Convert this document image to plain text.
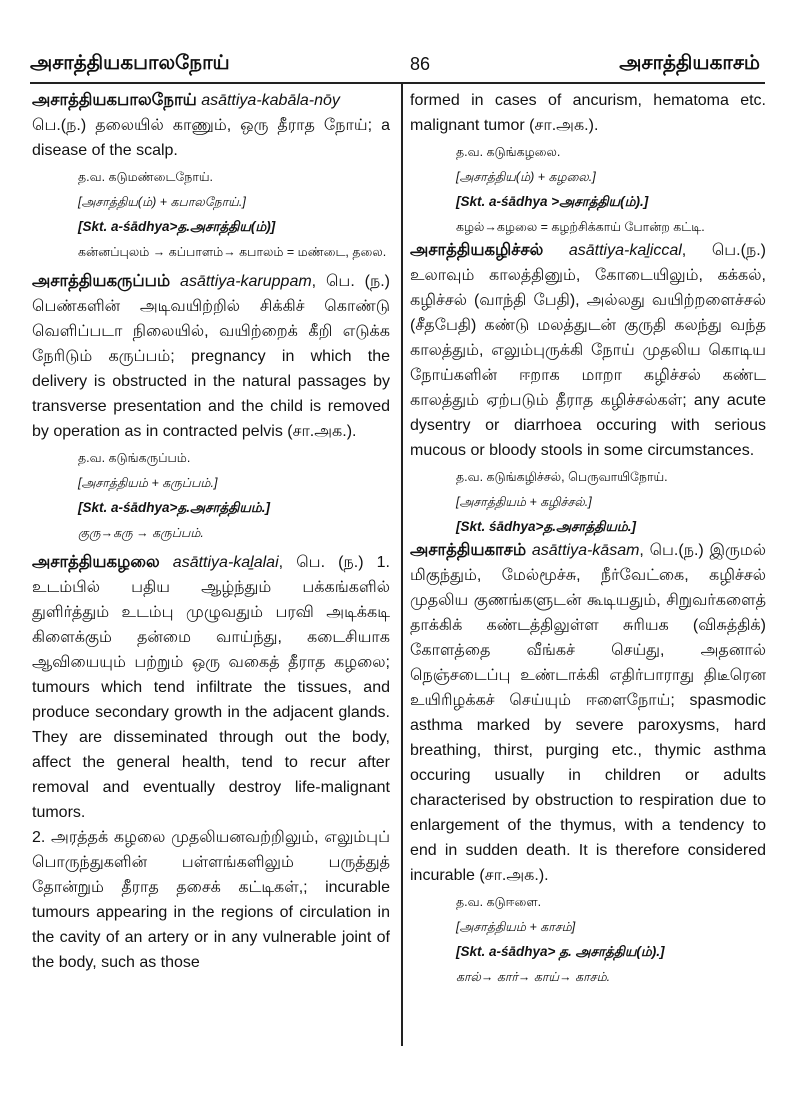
அசாத்தியகபாலநோய்	86	அசாத்தியகாசம்

அசாத்தியகபாலநோய் asāttiya-kabāla-nōy
பெ.(ந.) தலையில் காணும், ஒரு தீராத நோய்; a disease of the scalp.

த.வ. கடுமண்டைநோய்.
[அசாத்திய(ம்) + கபாலநோய்.]
[Skt. a-śādhya>த.அசாத்திய(ம்)]
கன்னப்புலம் → கப்பாளம்→ கபாலம் = மண்டை, தலை.

அசாத்தியகருப்பம் asāttiya-karuppam, பெ. (ந.) பெண்களின் அடிவயிற்றில் சிக்கிச் கொண்டு வெளிப்படா நிலையில், வயிற்றைக் கீறி எடுக்க நேரிடும் கருப்பம்; pregnancy in which the delivery is obstructed in the natural passages by transverse presentation and the child is removed by operation as in contracted pelvis (சா.அக.).

த.வ. கடுங்கருப்பம்.
[அசாத்தியம் + கருப்பம்.]
[Skt. a-śādhya>த.அசாத்தியம்.]
குரு→கரு → கருப்பம்.

அசாத்தியகழலை asāttiya-kaḻalai, பெ. (ந.) 1. உடம்பில் பதிய ஆழ்ந்தும் பக்கங்களில் துளிர்த்தும் உடம்பு முழுவதும் பரவி அடிக்கடி கிளைக்கும் தன்மை வாய்ந்து, கடைசியாக ஆவியையும் பற்றும் ஒரு வகைத் தீராத கழலை; tumours which tend infiltrate the tissues, and produce secondary growth in the adjacent glands. They are disseminated through out the body, affect the general health, tend to recur after removal and eventually destroy life-malignant tumors.

2. அரத்தக் கழலை முதலியனவற்றிலும், எலும்புப் பொருந்துகளின் பள்ளங்களிலும் பருத்துத் தோன்றும் தீராத தசைக் கட்டிகள்,; incurable tumours appearing in the regions of circulation in the cavity of an artery or in any vulnerable joint of the body, such as those

formed in cases of ancurism, hematoma etc. malignant tumor (சா.அக.).

த.வ. கடுங்கழலை.
[அசாத்திய(ம்) + கழலை.]
[Skt. a-śādhya >அசாத்திய(ம்).]
கழல்→கழலை = கழற்சிக்காய் போன்ற கட்டி.

அசாத்தியகழிச்சல் asāttiya-kaḻiccal, பெ.(ந.) உலாவும் காலத்தினும், கோடையிலும், கக்கல், கழிச்சல் (வாந்தி பேதி), அல்லது வயிற்றளைச்சல் (சீதபேதி) கண்டு மலத்துடன் குருதி கலந்து வந்த காலத்தும், எலும்புருக்கி நோய் முதலிய கொடிய நோய்களின் ஈறாக மாறா கழிச்சல் கண்ட காலத்தும் ஏற்படும் தீராத கழிச்சல்கள்; any acute dysentry or diarrhoea occuring with serious mucous or bloody stools in some circumstances.

த.வ. கடுங்கழிச்சல், பெருவாயிநோய்.
[அசாத்தியம் + கழிச்சல்.]
[Skt. śādhya>த.அசாத்தியம்.]

அசாத்தியகாசம் asāttiya-kāsam, பெ.(ந.) இருமல் மிகுந்தும், மேல்மூச்சு, நீர்வேட்கை, கழிச்சல் முதலிய குணங்களுடன் கூடியதும், சிறுவர்களைத் தாக்கிக் கண்டத்திலுள்ள சுரியக (விசுத்திக்) கோளத்தை வீங்கச் செய்து, அதனால் நெஞ்சடைப்பு உண்டாக்கி எதிர்பாராது திடீரென உயிரிழக்கச் செய்யும் ஈளைநோய்; spasmodic asthma marked by severe paroxysms, hard breathing, thirst, purging etc., thymic asthma occuring usually in children or adults characterised by obstruction to respiration due to enlargement of the thymus, with a tendency to end in sudden death. It is therefore considered incurable (சா.அக.).

த.வ. கடுஈளை.
[அசாத்தியம் + காசம்]
[Skt. a-śādhya> த. அசாத்திய(ம்).]
கால்→ கார்→ காய்→ காசம்.
